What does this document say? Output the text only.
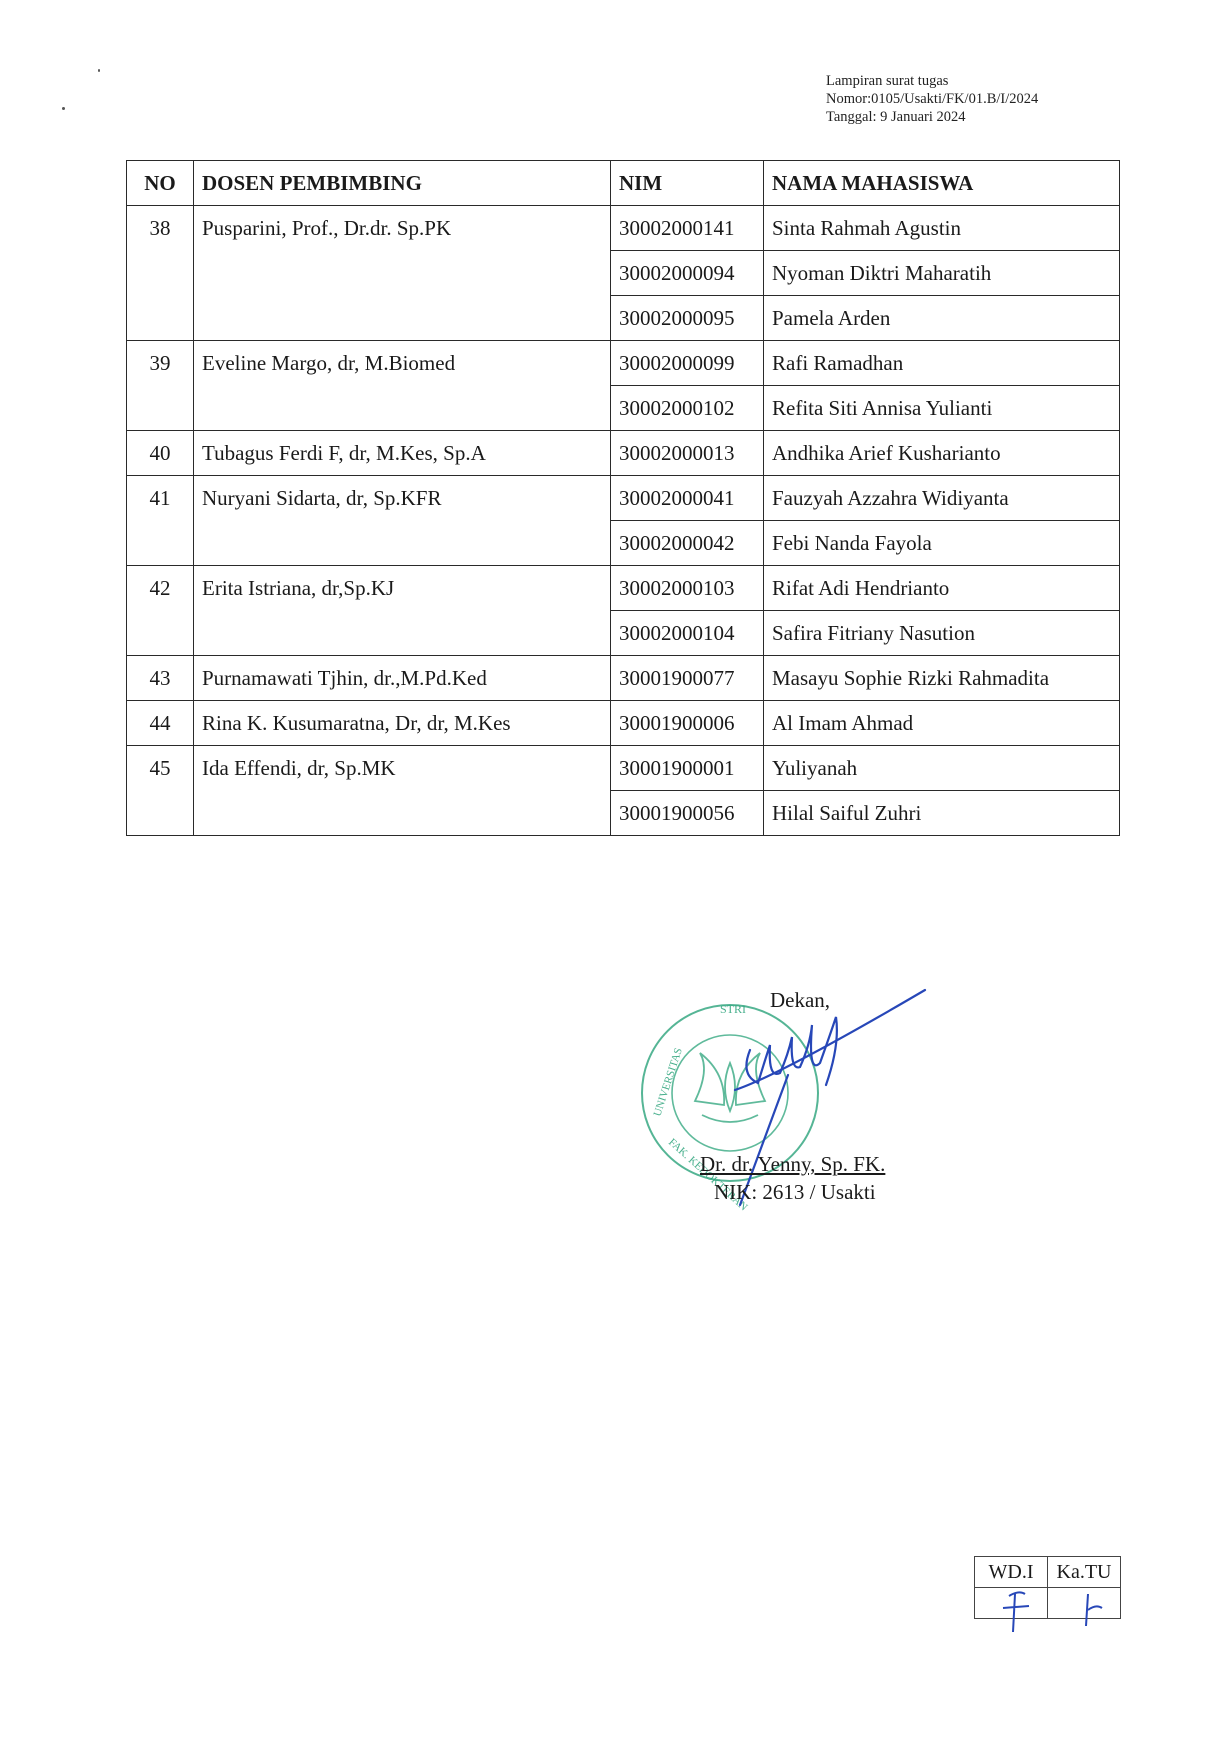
Lampiran surat tugas
Nomor:0105/Usakti/FK/01.B/I/2024
Tanggal: 9 Januari 2024
NO	DOSEN PEMBIMBING	NIM	NAMA MAHASISWA
38	Pusparini, Prof., Dr.dr. Sp.PK	30002000141	Sinta Rahmah Agustin
		30002000094	Nyoman Diktri Maharatih
		30002000095	Pamela Arden
39	Eveline Margo, dr, M.Biomed	30002000099	Rafi Ramadhan
		30002000102	Refita Siti Annisa Yulianti
40	Tubagus Ferdi F, dr, M.Kes, Sp.A	30002000013	Andhika Arief Kusharianto
41	Nuryani Sidarta, dr, Sp.KFR	30002000041	Fauzyah Azzahra Widiyanta
		30002000042	Febi Nanda Fayola
42	Erita Istriana, dr,Sp.KJ	30002000103	Rifat Adi Hendrianto
		30002000104	Safira Fitriany Nasution
43	Purnamawati Tjhin, dr.,M.Pd.Ked	30001900077	Masayu Sophie Rizki Rahmadita
44	Rina K. Kusumaratna, Dr, dr, M.Kes	30001900006	Al Imam Ahmad
45	Ida Effendi, dr, Sp.MK	30001900001	Yuliyanah
		30001900056	Hilal Saiful Zuhri
UNIVERSITAS
STRI
FAK. KEDOKTERAN
Dekan,
Dr. dr. Yenny, Sp. FK.
NIK: 2613 / Usakti
WD.I	Ka.TU
